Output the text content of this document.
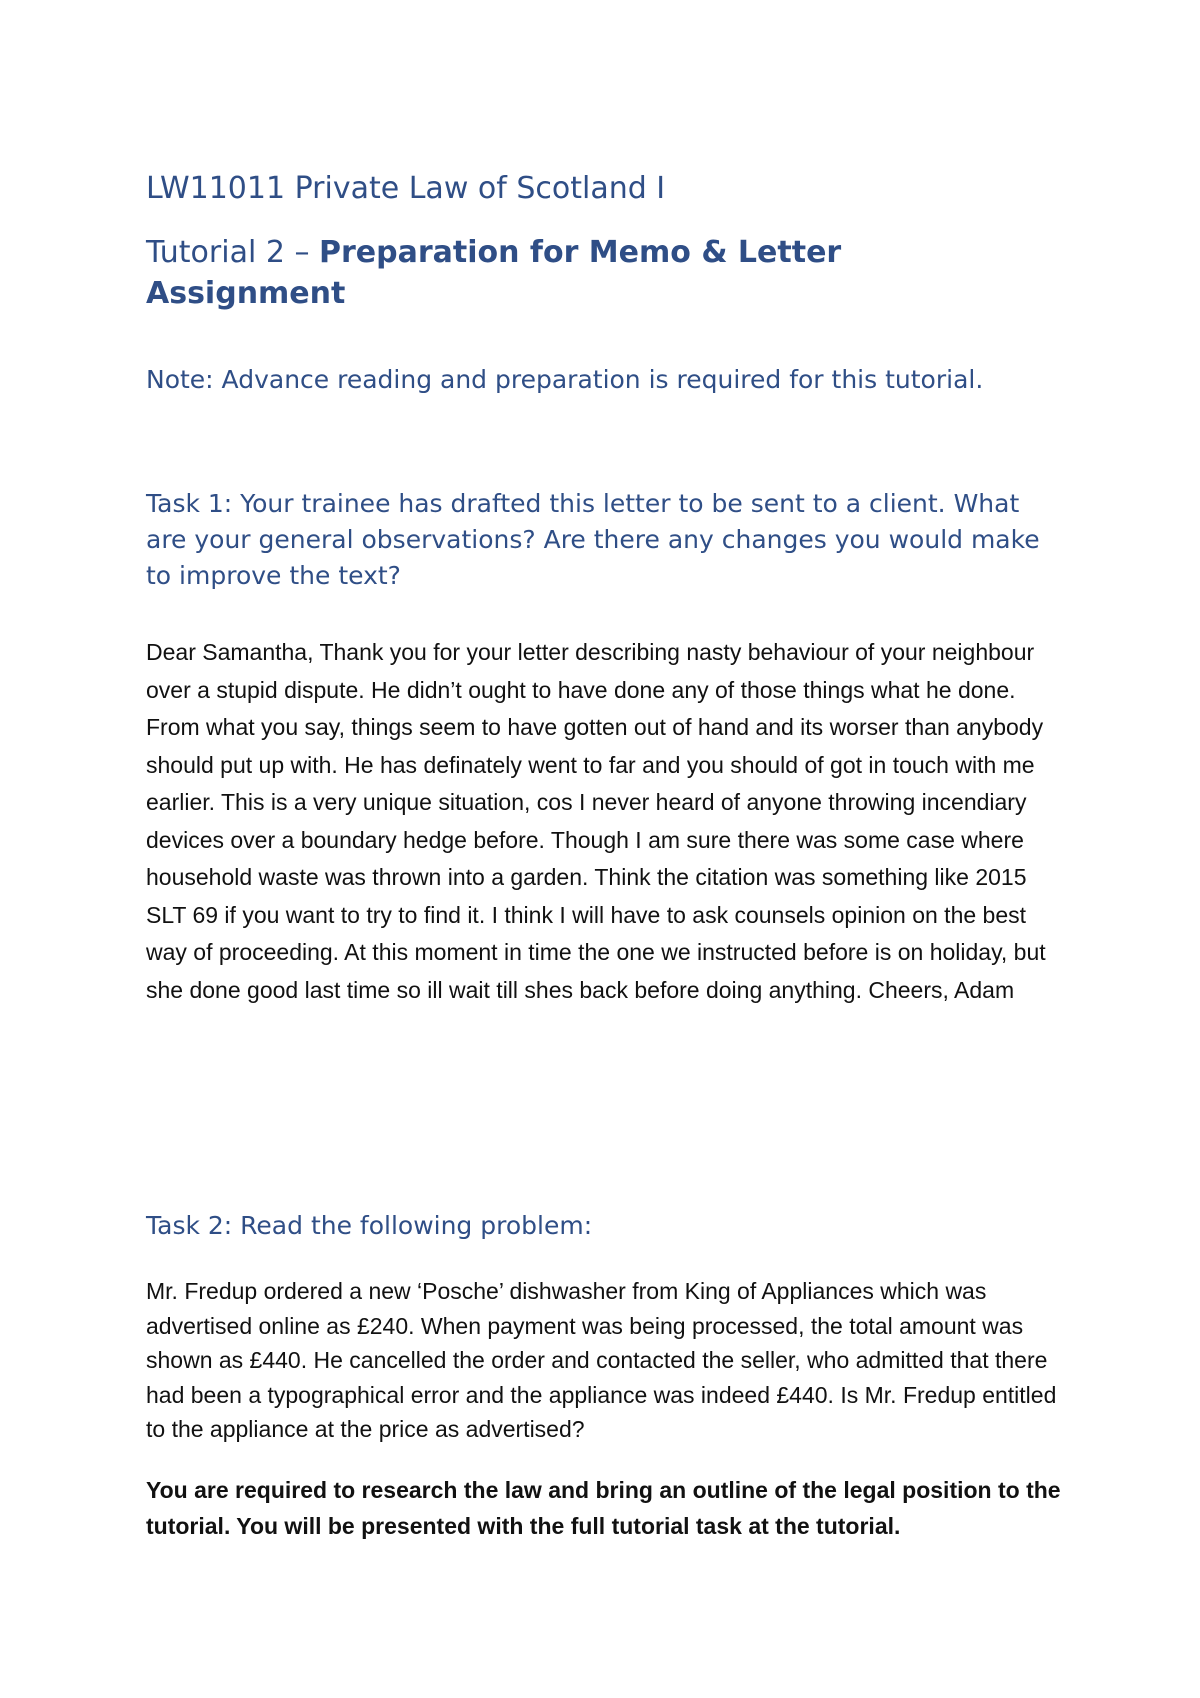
LW11011 Private Law of Scotland I
Tutorial 2 – Preparation for Memo & Letter Assignment

Note: Advance reading and preparation is required for this tutorial.

Task 1: Your trainee has drafted this letter to be sent to a client. What are your general observations? Are there any changes you would make to improve the text?

Dear Samantha, Thank you for your letter describing nasty behaviour of your neighbour over a stupid dispute. He didn’t ought to have done any of those things what he done. From what you say, things seem to have gotten out of hand and its worser than anybody should put up with. He has definately went to far and you should of got in touch with me earlier. This is a very unique situation, cos I never heard of anyone throwing incendiary devices over a boundary hedge before. Though I am sure there was some case where household waste was thrown into a garden. Think the citation was something like 2015 SLT 69 if you want to try to find it. I think I will have to ask counsels opinion on the best way of proceeding. At this moment in time the one we instructed before is on holiday, but she done good last time so ill wait till shes back before doing anything. Cheers, Adam

Task 2: Read the following problem:

Mr. Fredup ordered a new ‘Posche’ dishwasher from King of Appliances which was advertised online as £240. When payment was being processed, the total amount was shown as £440. He cancelled the order and contacted the seller, who admitted that there had been a typographical error and the appliance was indeed £440. Is Mr. Fredup entitled to the appliance at the price as advertised?

You are required to research the law and bring an outline of the legal position to the tutorial. You will be presented with the full tutorial task at the tutorial.
